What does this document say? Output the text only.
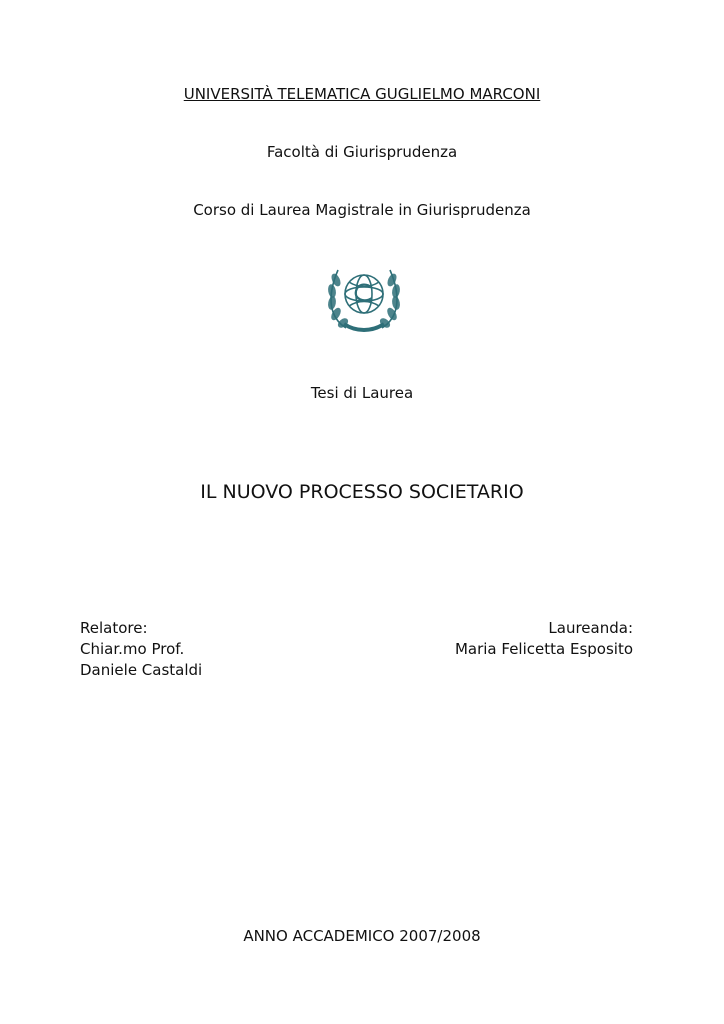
UNIVERSITÀ TELEMATICA GUGLIELMO MARCONI
Facoltà di Giurisprudenza
Corso di Laurea Magistrale in Giurisprudenza
Tesi di Laurea
IL NUOVO PROCESSO SOCIETARIO
Relatore:
Chiar.mo Prof.
Daniele Castaldi
Laureanda:
Maria Felicetta Esposito
ANNO ACCADEMICO 2007/2008
